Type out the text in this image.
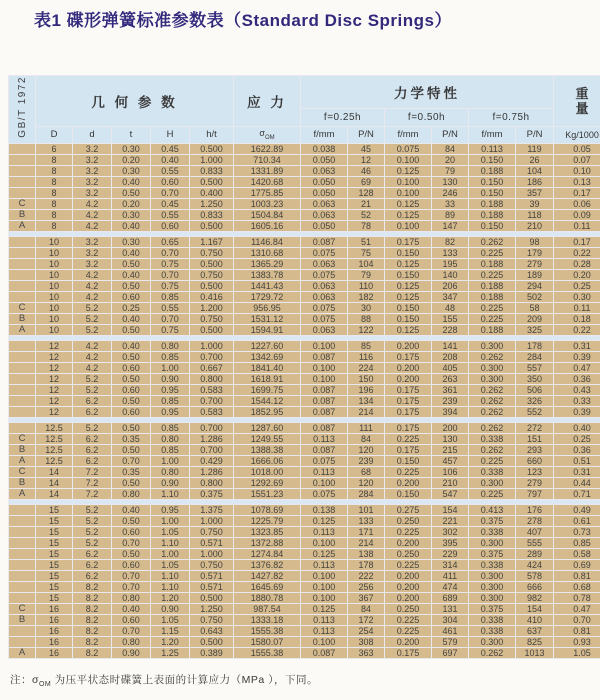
表1 碟形弹簧标准参数表（Standard Disc Springs）
GB/T 1972	几 何 参 数					应 力	力学特性						重
量

							f=0.25h		f=0.50h		f=0.75h		
	D	d	t	H	h/t	$\sigma_{OM}$	f/mm	P/N	f/mm	P/N	f/mm	P/N	Kg/1000
	6	3.2	0.30	0.45	0.500	1622.89	0.038	45	0.075	84	0.113	119	0.05
	8	3.2	0.20	0.40	1.000	710.34	0.050	12	0.100	20	0.150	26	0.07
	8	3.2	0.30	0.55	0.833	1331.89	0.063	46	0.125	79	0.188	104	0.10
	8	3.2	0.40	0.60	0.500	1420.68	0.050	69	0.100	130	0.150	186	0.13
	8	3.2	0.50	0.70	0.400	1775.85	0.050	128	0.100	246	0.150	357	0.17
C	8	4.2	0.20	0.45	1.250	1003.23	0.063	21	0.125	33	0.188	39	0.06
B	8	4.2	0.30	0.55	0.833	1504.84	0.063	52	0.125	89	0.188	118	0.09
A	8	4.2	0.40	0.60	0.500	1605.16	0.050	78	0.100	147	0.150	210	0.11

	10	3.2	0.30	0.65	1.167	1146.84	0.087	51	0.175	82	0.262	98	0.17
	10	3.2	0.40	0.70	0.750	1310.68	0.075	75	0.150	133	0.225	179	0.22
	10	3.2	0.50	0.75	0.500	1365.29	0.063	104	0.125	195	0.188	279	0.28
	10	4.2	0.40	0.70	0.750	1383.78	0.075	79	0.150	140	0.225	189	0.20
	10	4.2	0.50	0.75	0.500	1441.43	0.063	110	0.125	206	0.188	294	0.25
	10	4.2	0.60	0.85	0.416	1729.72	0.063	182	0.125	347	0.188	502	0.30
C	10	5.2	0.25	0.55	1.200	956.95	0.075	30	0.150	48	0.225	58	0.11
B	10	5.2	0.40	0.70	0.750	1531.12	0.075	88	0.150	155	0.225	209	0.18
A	10	5.2	0.50	0.75	0.500	1594.91	0.063	122	0.125	228	0.188	325	0.22

	12	4.2	0.40	0.80	1.000	1227.60	0.100	85	0.200	141	0.300	178	0.31
	12	4.2	0.50	0.85	0.700	1342.69	0.087	116	0.175	208	0.262	284	0.39
	12	4.2	0.60	1.00	0.667	1841.40	0.100	224	0.200	405	0.300	557	0.47
	12	5.2	0.50	0.90	0.800	1618.91	0.100	150	0.200	263	0.300	350	0.36
	12	5.2	0.60	0.95	0.583	1699.75	0.087	196	0.175	361	0.262	506	0.43
	12	6.2	0.50	0.85	0.700	1544.12	0.087	134	0.175	239	0.262	326	0.33
	12	6.2	0.60	0.95	0.583	1852.95	0.087	214	0.175	394	0.262	552	0.39

	12.5	5.2	0.50	0.85	0.700	1287.60	0.087	111	0.175	200	0.262	272	0.40
C	12.5	6.2	0.35	0.80	1.286	1249.55	0.113	84	0.225	130	0.338	151	0.25
B	12.5	6.2	0.50	0.85	0.700	1388.38	0.087	120	0.175	215	0.262	293	0.36
A	12.5	6.2	0.70	1.00	0.429	1666.06	0.075	239	0.150	457	0.225	660	0.51
C	14	7.2	0.35	0.80	1.286	1018.00	0.113	68	0.225	106	0.338	123	0.31
B	14	7.2	0.50	0.90	0.800	1292.69	0.100	120	0.200	210	0.300	279	0.44
A	14	7.2	0.80	1.10	0.375	1551.23	0.075	284	0.150	547	0.225	797	0.71

	15	5.2	0.40	0.95	1.375	1078.69	0.138	101	0.275	154	0.413	176	0.49
	15	5.2	0.50	1.00	1.000	1225.79	0.125	133	0.250	221	0.375	278	0.61
	15	5.2	0.60	1.05	0.750	1323.85	0.113	171	0.225	302	0.338	407	0.73
	15	5.2	0.70	1.10	0.571	1372.88	0.100	214	0.200	395	0.300	555	0.85
	15	6.2	0.50	1.00	1.000	1274.84	0.125	138	0.250	229	0.375	289	0.58
	15	6.2	0.60	1.05	0.750	1376.82	0.113	178	0.225	314	0.338	424	0.69
	15	6.2	0.70	1.10	0.571	1427.82	0.100	222	0.200	411	0.300	578	0.81
	15	8.2	0.70	1.10	0.571	1645.69	0.100	256	0.200	474	0.300	666	0.68
	15	8.2	0.80	1.20	0.500	1880.78	0.100	367	0.200	689	0.300	982	0.78
C	16	8.2	0.40	0.90	1.250	987.54	0.125	84	0.250	131	0.375	154	0.47
B	16	8.2	0.60	1.05	0.750	1333.18	0.113	172	0.225	304	0.338	410	0.70
	16	8.2	0.70	1.15	0.643	1555.38	0.113	254	0.225	461	0.338	637	0.81
	16	8.2	0.80	1.20	0.500	1580.07	0.100	308	0.200	579	0.300	825	0.93
A	16	8.2	0.90	1.25	0.389	1555.38	0.087	363	0.175	697	0.262	1013	1.05
注：$\sigma_{OM}$ 为压平状态时碟簧上表面的计算应力（MPa ），下同。
